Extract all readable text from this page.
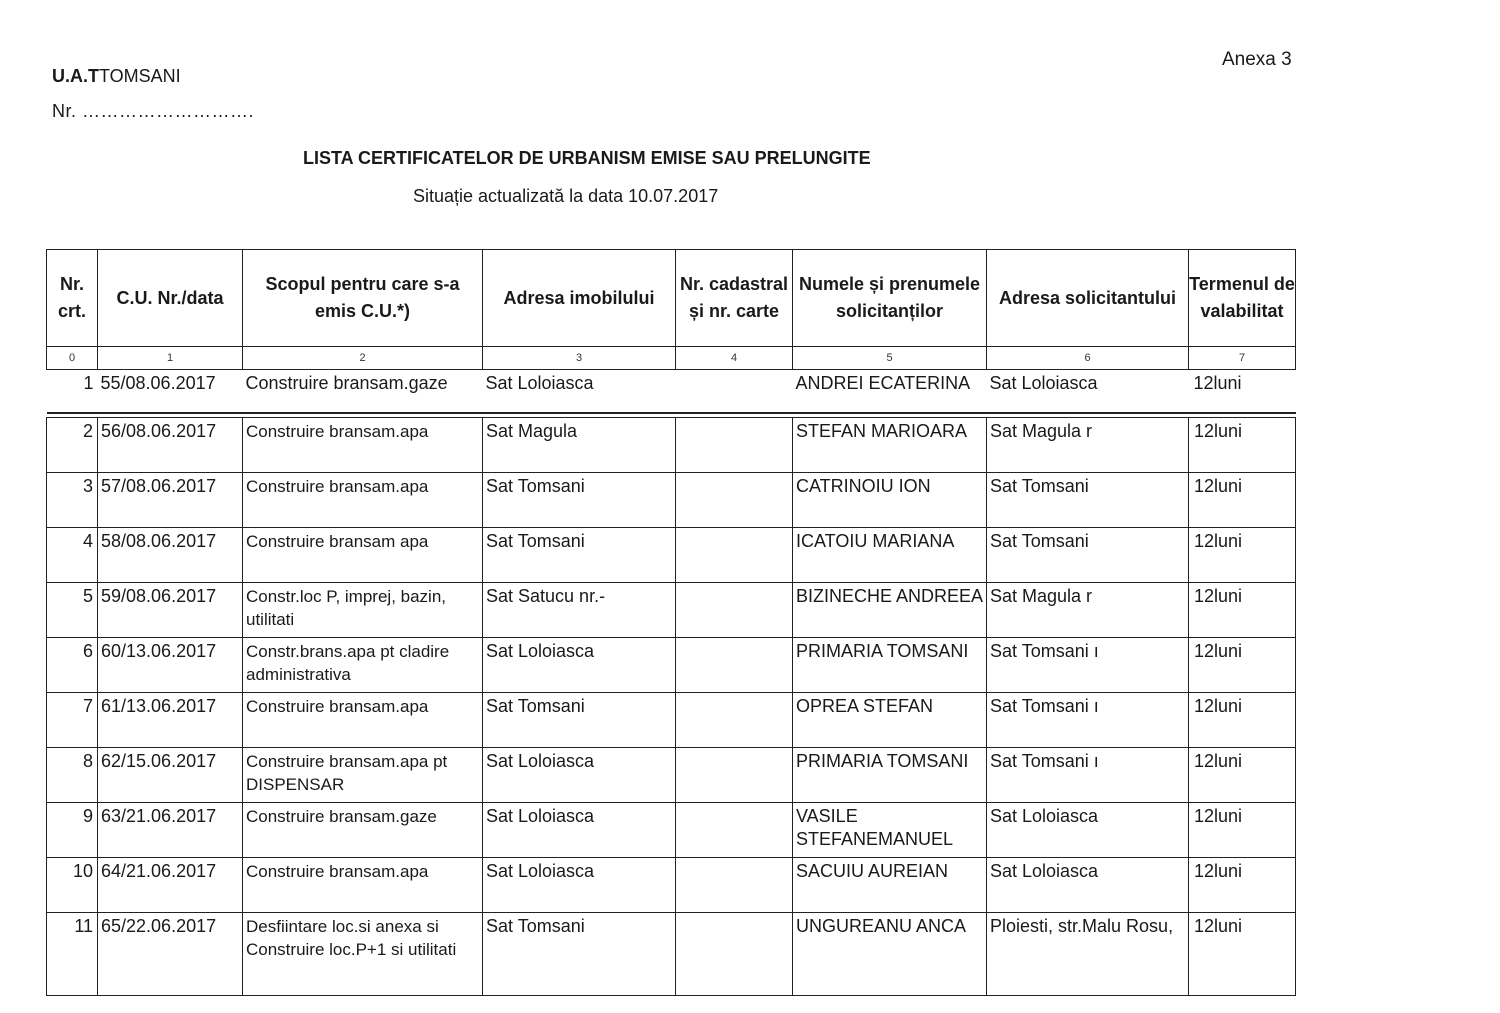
Anexa 3
U.A.TTOMSANI
Nr. ……………………….
LISTA CERTIFICATELOR DE URBANISM EMISE SAU PRELUNGITE
Situație actualizată la data 10.07.2017
Nr. crt.	C.U. Nr./data	Scopul pentru care s-a emis C.U.*)	Adresa imobilului	Nr. cadastral și nr. carte	Numele și prenumele solicitanților	Adresa solicitantului	Termenul de valabilitat
0	1	2	3	4	5	6	7
1	55/08.06.2017	Construire bransam.gaze	Sat Loloiasca		ANDREI ECATERINA	Sat Loloiasca	12luni

2	56/08.06.2017	Construire bransam.apa	Sat Magula		STEFAN MARIOARA	Sat Magula r	12luni
3	57/08.06.2017	Construire bransam.apa	Sat Tomsani		CATRINOIU ION	Sat Tomsani	12luni
4	58/08.06.2017	Construire bransam apa	Sat Tomsani		ICATOIU MARIANA	Sat Tomsani	12luni
5	59/08.06.2017	Constr.loc P, imprej, bazin, utilitati	Sat Satucu nr.-		BIZINECHE ANDREEA	Sat Magula r	12luni
6	60/13.06.2017	Constr.brans.apa pt cladire administrativa	Sat Loloiasca		PRIMARIA TOMSANI	Sat Tomsani ı	12luni
7	61/13.06.2017	Construire bransam.apa	Sat Tomsani		OPREA STEFAN	Sat Tomsani ı	12luni
8	62/15.06.2017	Construire bransam.apa pt DISPENSAR	Sat Loloiasca		PRIMARIA TOMSANI	Sat Tomsani ı	12luni
9	63/21.06.2017	Construire bransam.gaze	Sat Loloiasca		VASILE STEFANEMANUEL	Sat Loloiasca	12luni
10	64/21.06.2017	Construire bransam.apa	Sat Loloiasca		SACUIU AUREIAN	Sat Loloiasca	12luni
11	65/22.06.2017	Desfiintare loc.si anexa si Construire loc.P+1 si utilitati	Sat Tomsani		UNGUREANU ANCA	Ploiesti, str.Malu Rosu,	12luni
